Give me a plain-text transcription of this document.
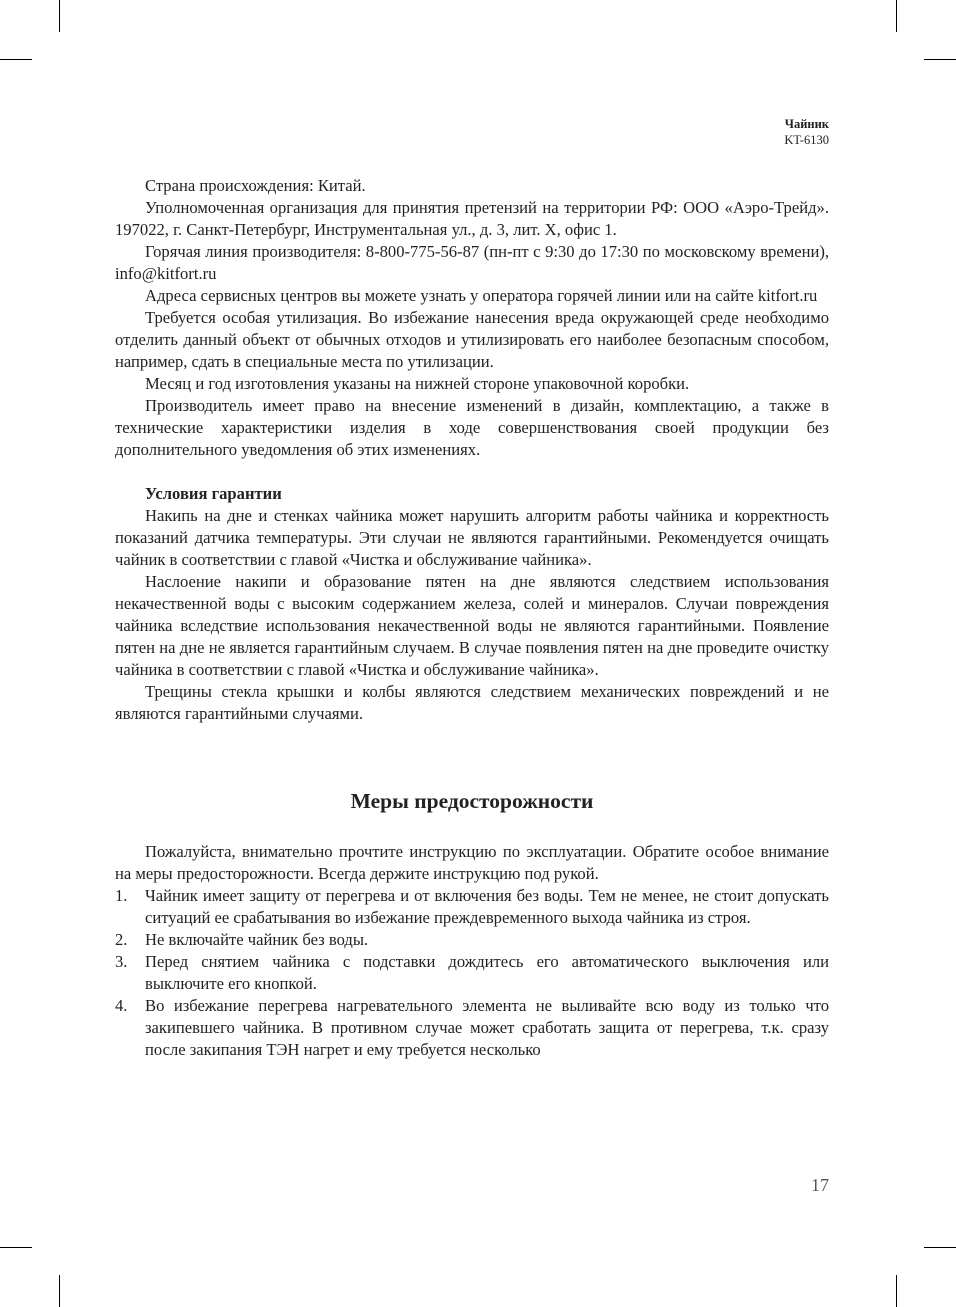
Чайник
KT-6130

Страна происхождения: Китай.

Уполномоченная организация для принятия претензий на территории РФ: ООО «Аэро-Трейд». 197022, г. Санкт-Петербург, Инструментальная ул., д. 3, лит. Х, офис 1.

Горячая линия производителя: 8-800-775-56-87 (пн-пт с 9:30 до 17:30 по московскому времени), info@kitfort.ru

Адреса сервисных центров вы можете узнать у оператора горячей линии или на сайте kitfort.ru

Требуется особая утилизация. Во избежание нанесения вреда окружающей среде необходимо отделить данный объект от обычных отходов и утилизировать его наиболее безопасным способом, например, сдать в специальные места по утилизации.

Месяц и год изготовления указаны на нижней стороне упаковочной коробки.

Производитель имеет право на внесение изменений в дизайн, комплектацию, а также в технические характеристики изделия в ходе совершенствования своей продукции без дополнительного уведомления об этих изменениях.

Условия гарантии

Накипь на дне и стенках чайника может нарушить алгоритм работы чайника и корректность показаний датчика температуры. Эти случаи не являются гарантийными. Рекомендуется очищать чайник в соответствии с главой «Чистка и обслуживание чайника».

Наслоение накипи и образование пятен на дне являются следствием использования некачественной воды с высоким содержанием железа, солей и минералов. Случаи повреждения чайника вследствие использования некачественной воды не являются гарантийными. Появление пятен на дне не является гарантийным случаем. В случае появления пятен на дне проведите очистку чайника в соответствии с главой «Чистка и обслуживание чайника».

Трещины стекла крышки и колбы являются следствием механических повреждений и не являются гарантийными случаями.

Меры предосторожности

Пожалуйста, внимательно прочтите инструкцию по эксплуатации. Обратите особое внимание на меры предосторожности. Всегда держите инструкцию под рукой.

1. Чайник имеет защиту от перегрева и от включения без воды. Тем не менее, не стоит допускать ситуаций ее срабатывания во избежание преждевременного выхода чайника из строя.
2. Не включайте чайник без воды.
3. Перед снятием чайника с подставки дождитесь его автоматического выключения или выключите его кнопкой.
4. Во избежание перегрева нагревательного элемента не выливайте всю воду из только что закипевшего чайника. В противном случае может сработать защита от перегрева, т.к. сразу после закипания ТЭН нагрет и ему требуется несколько
17
